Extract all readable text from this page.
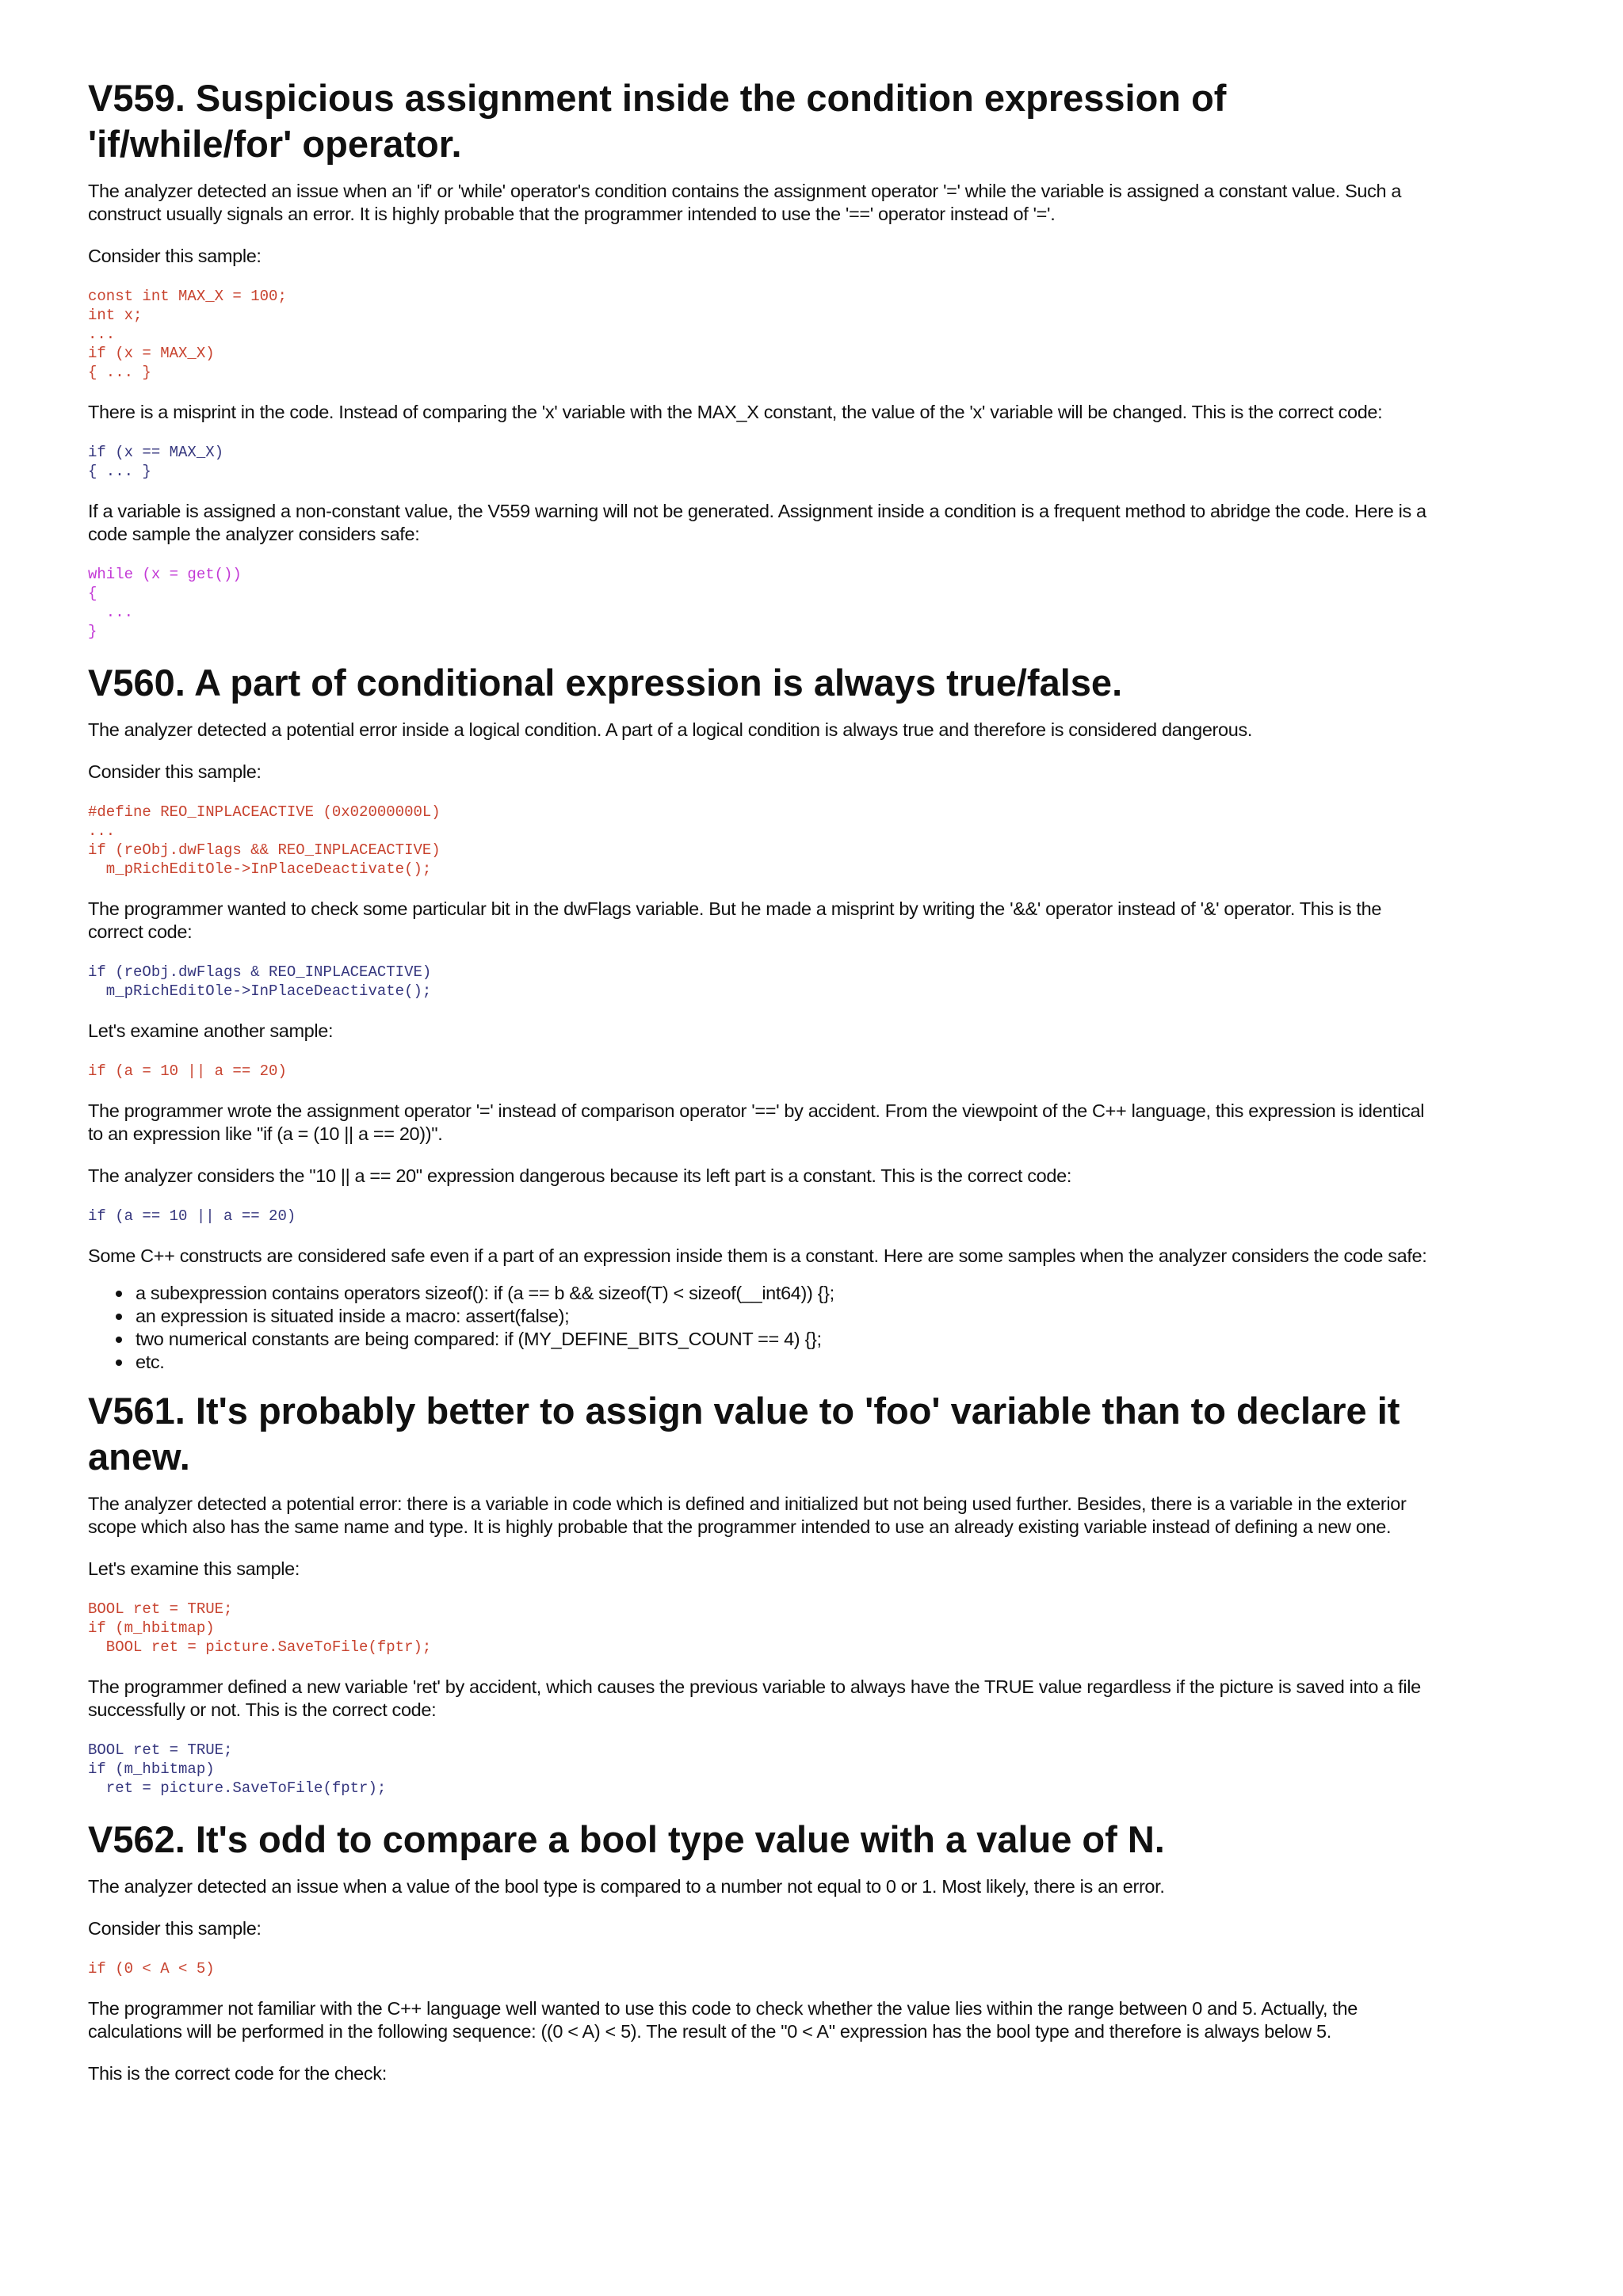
V559. Suspicious assignment inside the condition expression of 'if/while/for' operator.

The analyzer detected an issue when an 'if' or 'while' operator's condition contains the assignment operator '=' while the variable is assigned a constant value. Such a construct usually signals an error. It is highly probable that the programmer intended to use the '==' operator instead of '='.

Consider this sample:

const int MAX_X = 100;
int x;
...
if (x = MAX_X)
{ ... }

There is a misprint in the code. Instead of comparing the 'x' variable with the MAX_X constant, the value of the 'x' variable will be changed. This is the correct code:

if (x == MAX_X)
{ ... }

If a variable is assigned a non-constant value, the V559 warning will not be generated. Assignment inside a condition is a frequent method to abridge the code. Here is a code sample the analyzer considers safe:

while (x = get())
{
...
}
V560. A part of conditional expression is always true/false.

The analyzer detected a potential error inside a logical condition. A part of a logical condition is always true and therefore is considered dangerous.

Consider this sample:

#define REO_INPLACEACTIVE (0x02000000L)
...
if (reObj.dwFlags && REO_INPLACEACTIVE)
m_pRichEditOle->InPlaceDeactivate();

The programmer wanted to check some particular bit in the dwFlags variable. But he made a misprint by writing the '&&' operator instead of '&' operator. This is the correct code:

if (reObj.dwFlags & REO_INPLACEACTIVE)
m_pRichEditOle->InPlaceDeactivate();

Let's examine another sample:

if (a = 10 || a == 20)

The programmer wrote the assignment operator '=' instead of comparison operator '==' by accident. From the viewpoint of the C++ language, this expression is identical to an expression like "if (a = (10 || a == 20))".

The analyzer considers the "10 || a == 20" expression dangerous because its left part is a constant. This is the correct code:

if (a == 10 || a == 20)

Some C++ constructs are considered safe even if a part of an expression inside them is a constant. Here are some samples when the analyzer considers the code safe:

a subexpression contains operators sizeof(): if (a == b && sizeof(T) < sizeof(__int64)) {};
an expression is situated inside a macro: assert(false);
two numerical constants are being compared: if (MY_DEFINE_BITS_COUNT == 4) {};
etc.
V561. It's probably better to assign value to 'foo' variable than to declare it anew.

The analyzer detected a potential error: there is a variable in code which is defined and initialized but not being used further. Besides, there is a variable in the exterior scope which also has the same name and type. It is highly probable that the programmer intended to use an already existing variable instead of defining a new one.

Let's examine this sample:

BOOL ret = TRUE;
if (m_hbitmap)
BOOL ret = picture.SaveToFile(fptr);

The programmer defined a new variable 'ret' by accident, which causes the previous variable to always have the TRUE value regardless if the picture is saved into a file successfully or not. This is the correct code:

BOOL ret = TRUE;
if (m_hbitmap)
ret = picture.SaveToFile(fptr);
V562. It's odd to compare a bool type value with a value of N.

The analyzer detected an issue when a value of the bool type is compared to a number not equal to 0 or 1. Most likely, there is an error.

Consider this sample:

if (0 < A < 5)

The programmer not familiar with the C++ language well wanted to use this code to check whether the value lies within the range between 0 and 5. Actually, the calculations will be performed in the following sequence: ((0 < A) < 5). The result of the "0 < A" expression has the bool type and therefore is always below 5.

This is the correct code for the check:
